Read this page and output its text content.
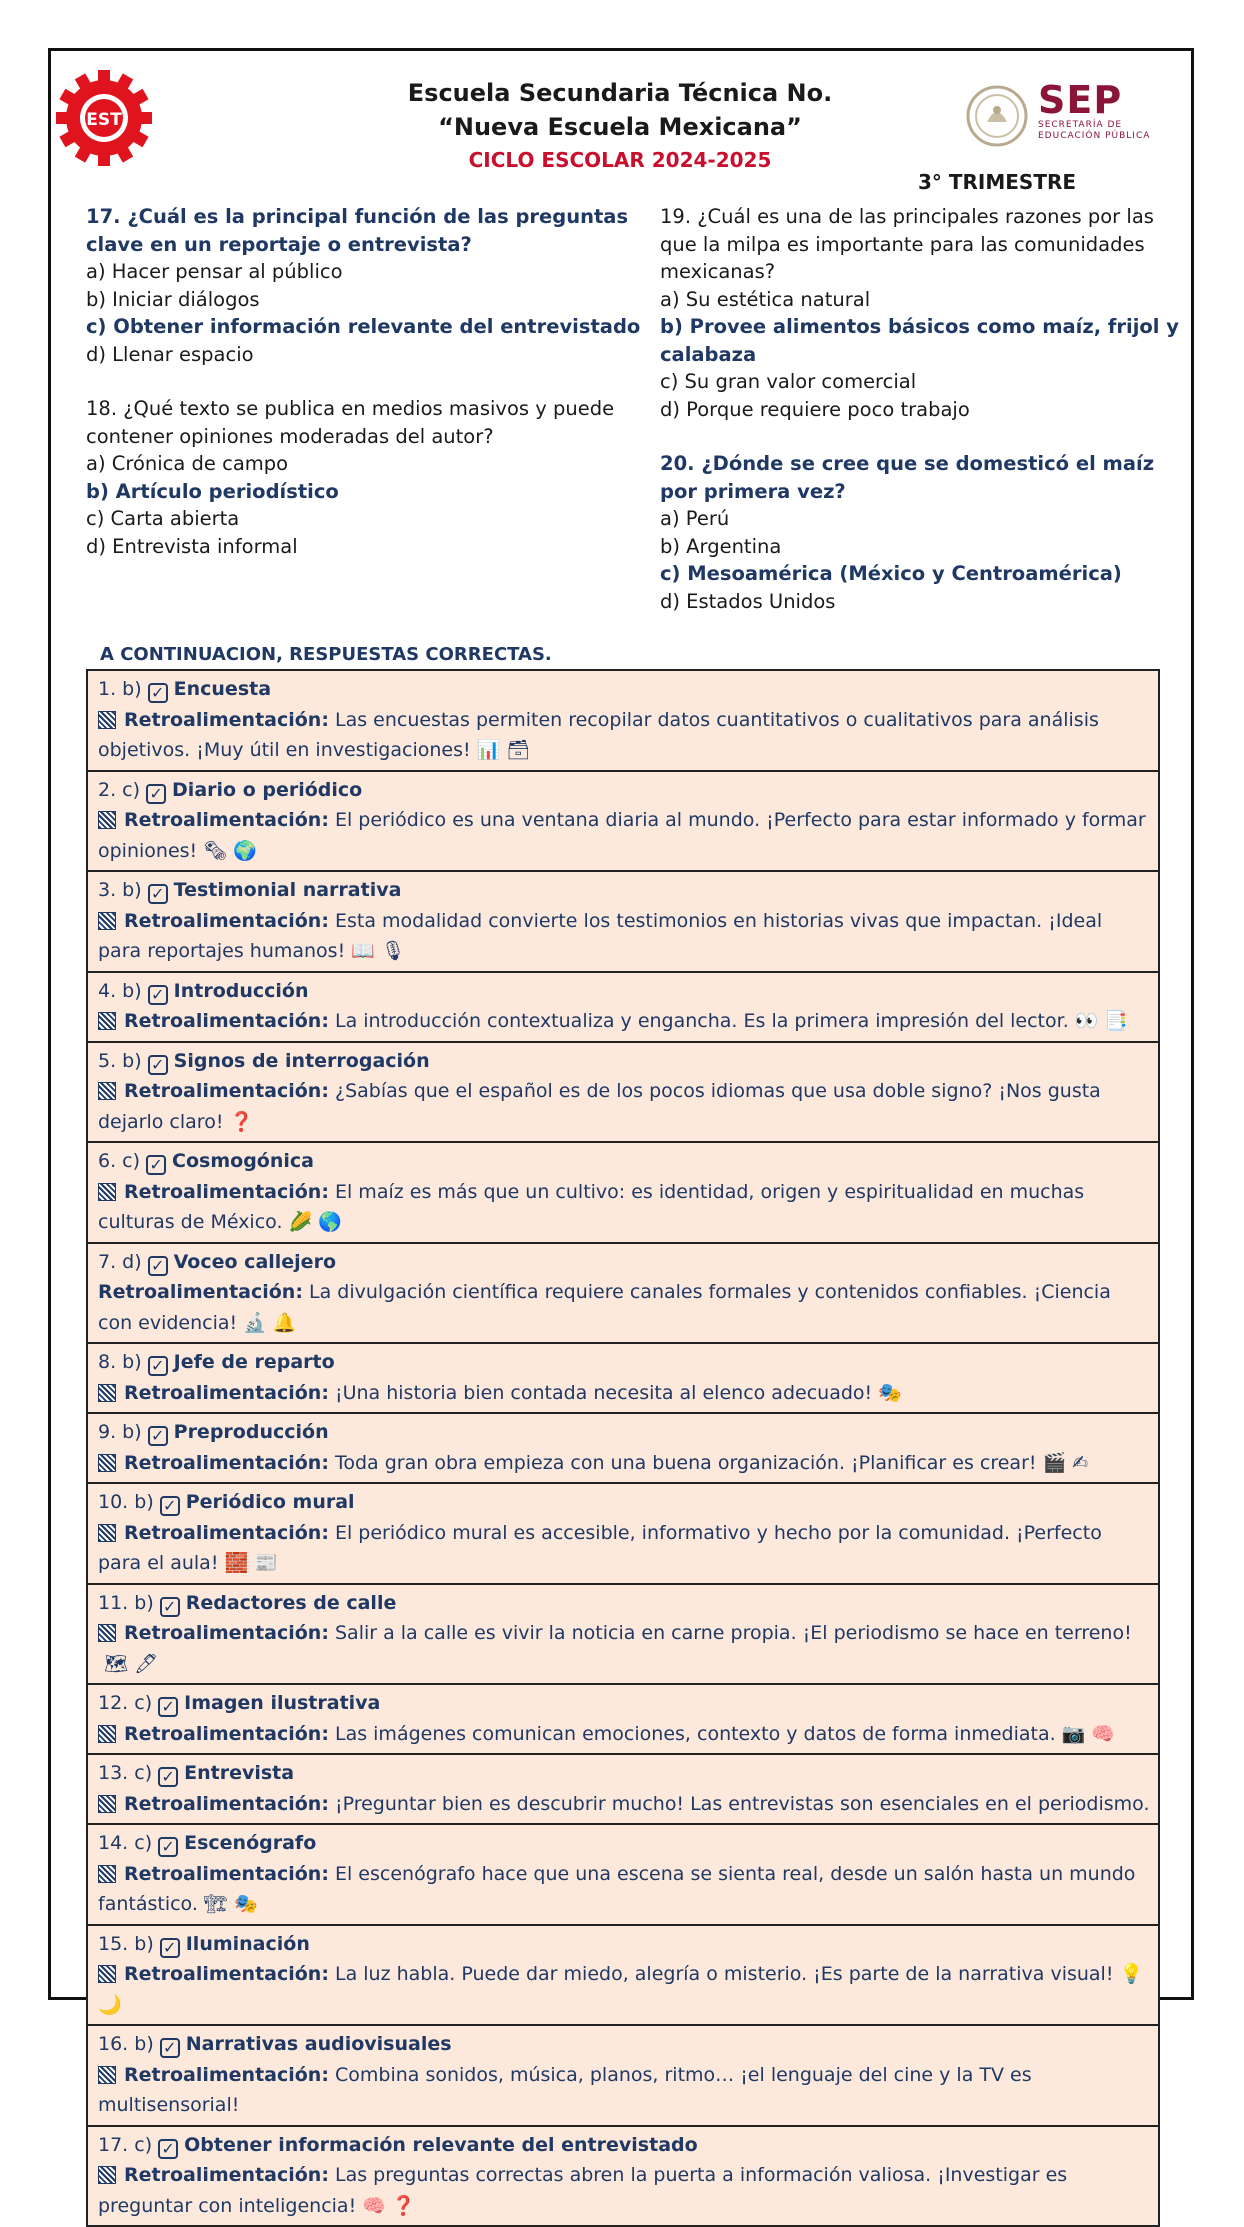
EST
Escuela Secundaria Técnica No.
“Nueva Escuela Mexicana”
CICLO ESCOLAR 2024-2025
SEP
SECRETARÍA DE
EDUCACIÓN PÚBLICA
3° TRIMESTRE

17. ¿Cuál es la principal función de las preguntas clave en un reportaje o entrevista?

a) Hacer pensar al público

b) Iniciar diálogos

c) Obtener información relevante del entrevistado

d) Llenar espacio

18. ¿Qué texto se publica en medios masivos y puede contener opiniones moderadas del autor?

a) Crónica de campo

b) Artículo periodístico

c) Carta abierta

d) Entrevista informal

19. ¿Cuál es una de las principales razones por las que la milpa es importante para las comunidades mexicanas?

a) Su estética natural

b) Provee alimentos básicos como maíz, frijol y calabaza

c) Su gran valor comercial

d) Porque requiere poco trabajo

20. ¿Dónde se cree que se domesticó el maíz por primera vez?

a) Perú

b) Argentina

c) Mesoamérica (México y Centroamérica)

d) Estados Unidos

A CONTINUACION, RESPUESTAS CORRECTAS.
1. b) ✓ Encuesta
Retroalimentación: Las encuestas permiten recopilar datos cuantitativos o cualitativos para análisis objetivos. ¡Muy útil en investigaciones! 📊 🗃
2. c) ✓ Diario o periódico
Retroalimentación: El periódico es una ventana diaria al mundo. ¡Perfecto para estar informado y formar opiniones! 🗞 🌍
3. b) ✓ Testimonial narrativa
Retroalimentación: Esta modalidad convierte los testimonios en historias vivas que impactan. ¡Ideal para reportajes humanos! 📖 🎙
4. b) ✓ Introducción
Retroalimentación: La introducción contextualiza y engancha. Es la primera impresión del lector. 👀 📑
5. b) ✓ Signos de interrogación
Retroalimentación: ¿Sabías que el español es de los pocos idiomas que usa doble signo? ¡Nos gusta dejarlo claro! ❓
6. c) ✓ Cosmogónica
Retroalimentación: El maíz es más que un cultivo: es identidad, origen y espiritualidad en muchas culturas de México. 🌽 🌎
7. d) ✓ Voceo callejero
Retroalimentación: La divulgación científica requiere canales formales y contenidos confiables. ¡Ciencia con evidencia! 🔬 🔔
8. b) ✓ Jefe de reparto
Retroalimentación: ¡Una historia bien contada necesita al elenco adecuado! 🎭
9. b) ✓ Preproducción
Retroalimentación: Toda gran obra empieza con una buena organización. ¡Planificar es crear! 🎬 ✍
10. b) ✓ Periódico mural
Retroalimentación: El periódico mural es accesible, informativo y hecho por la comunidad. ¡Perfecto para el aula! 🧱 📰
11. b) ✓ Redactores de calle
Retroalimentación: Salir a la calle es vivir la noticia en carne propia. ¡El periodismo se hace en terreno!🗺 🖊
12. c) ✓ Imagen ilustrativa
Retroalimentación: Las imágenes comunican emociones, contexto y datos de forma inmediata. 📷 🧠
13. c) ✓ Entrevista
Retroalimentación: ¡Preguntar bien es descubrir mucho! Las entrevistas son esenciales en el periodismo.
14. c) ✓ Escenógrafo
Retroalimentación: El escenógrafo hace que una escena se sienta real, desde un salón hasta un mundo fantástico. 🏗 🎭
15. b) ✓ Iluminación
Retroalimentación: La luz habla. Puede dar miedo, alegría o misterio. ¡Es parte de la narrativa visual! 💡 🌙
16. b) ✓ Narrativas audiovisuales
Retroalimentación: Combina sonidos, música, planos, ritmo… ¡el lenguaje del cine y la TV es multisensorial!
17. c) ✓ Obtener información relevante del entrevistado
Retroalimentación: Las preguntas correctas abren la puerta a información valiosa. ¡Investigar es preguntar con inteligencia! 🧠 ❓
